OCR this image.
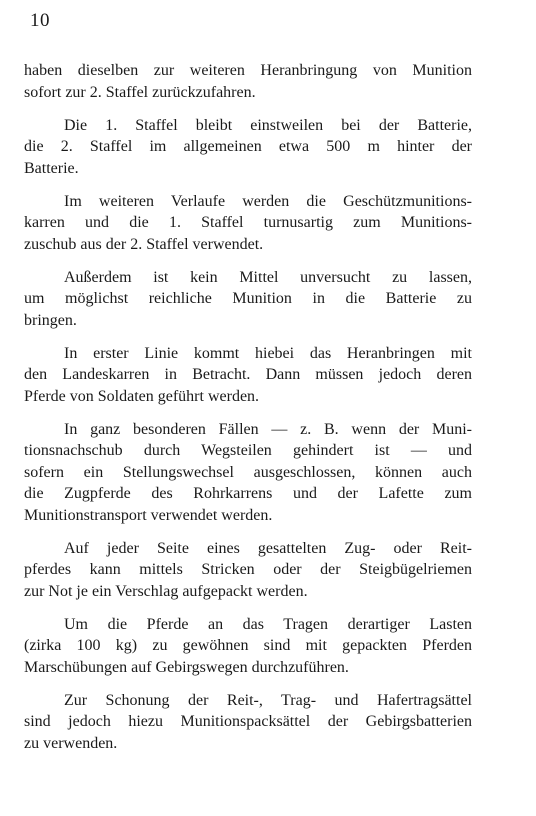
10
haben dieselben zur weiteren Heranbringung von Munition
sofort zur 2. Staffel zurückzufahren.
Die 1. Staffel bleibt einstweilen bei der Batterie,
die 2. Staffel im allgemeinen etwa 500 m hinter der
Batterie.
Im weiteren Verlaufe werden die Geschützmunitions-
karren und die 1. Staffel turnusartig zum Munitions-
zuschub aus der 2. Staffel verwendet.
Außerdem ist kein Mittel unversucht zu lassen,
um möglichst reichliche Munition in die Batterie zu
bringen.
In erster Linie kommt hiebei das Heranbringen mit
den Landeskarren in Betracht. Dann müssen jedoch deren
Pferde von Soldaten geführt werden.
In ganz besonderen Fällen — z. B. wenn der Muni-
tionsnachschub durch Wegsteilen gehindert ist — und
sofern ein Stellungswechsel ausgeschlossen, können auch
die Zugpferde des Rohrkarrens und der Lafette zum
Munitionstransport verwendet werden.
Auf jeder Seite eines gesattelten Zug- oder Reit-
pferdes kann mittels Stricken oder der Steigbügelriemen
zur Not je ein Verschlag aufgepackt werden.
Um die Pferde an das Tragen derartiger Lasten
(zirka 100 kg) zu gewöhnen sind mit gepackten Pferden
Marschübungen auf Gebirgswegen durchzuführen.
Zur Schonung der Reit-, Trag- und Hafertragsättel
sind jedoch hiezu Munitionspacksättel der Gebirgsbatterien
zu verwenden.
